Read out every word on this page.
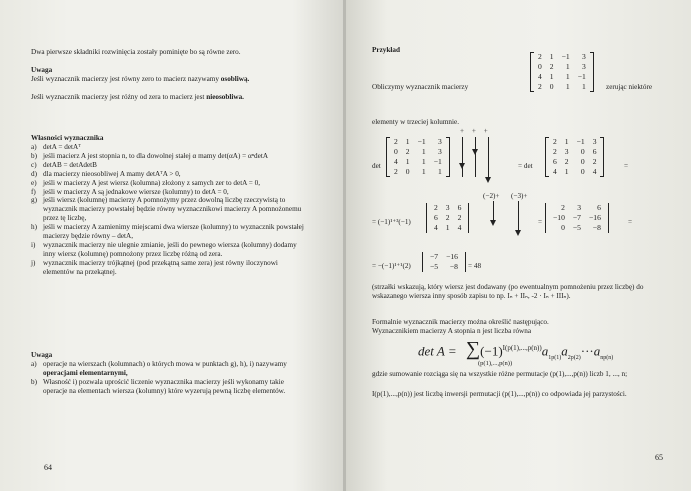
Dwa pierwsze składniki rozwinięcia zostały pominięte bo są równe zero.
Uwaga
Jeśli wyznacznik macierzy jest równy zero to macierz nazywamy osobliwą.
Jeśli wyznacznik macierzy jest różny od zera to macierz jest nieosobliwa.
Własności wyznacznika
a) detA = detAᵀ
b) jeśli macierz A jest stopnia n, to dla dowolnej stałej α mamy det(αA) = αⁿdetA
c) detAB = detAdetB
d) dla macierzy nieosobliwej A mamy detAᵀA > 0,
e) jeśli w macierzy A jest wiersz (kolumna) złożony z samych zer to detA = 0,
f) jeśli w macierzy A są jednakowe wiersze (kolumny) to detA = 0,
g) jeśli wiersz (kolumnę) macierzy A pomnożymy przez dowolną liczbę rzeczywistą to wyznacznik macierzy powstałej będzie równy wyznacznikowi macierzy A pomnożonemu przez tę liczbę,
h) jeśli w macierzy A zamienimy miejscami dwa wiersze (kolumny) to wyznacznik powstałej macierzy będzie równy – detA,
i) wyznacznik macierzy nie ulegnie zmianie, jeśli do pewnego wiersza (kolumny) dodamy inny wiersz (kolumnę) pomnożony przez liczbę różną od zera.
j) wyznacznik macierzy trójkątnej (pod przekątną same zera) jest równy iloczynowi elementów na przekątnej.
Uwaga
a) operacje na wierszach (kolumnach) o których mowa w punktach g), h), i) nazywamy operacjami elementarnymi,
b) Własność i) pozwala uprościć liczenie wyznacznika macierzy jeśli wykonamy takie operacje na elementach wiersza (kolumny) które wyzerują pewną liczbę elementów.
64
Przykład
Obliczymy wyznacznik macierzy
2	1	−1	3
0	2	1	3
4	1	1	−1
2	0	1	1	zerując niektóre
elementy w trzeciej kolumnie.
+ + +
det
2	1	−1	3
0	2	1	3
4	1	1	−1
2	0	1	1
= det
2	1	−1	3
2	3	0	6
6	2	0	2
4	1	0	4
=
= (−1)¹⁺³(−1)
2	3	6
6	2	2
4	1	4
(−2)+ (−3)+
=
2	3	6
−10	−7	−16
0	−5	−8
=
= −(−1)¹⁺¹(2)
−7	−16
−5	−8 = 48
(strzałki wskazują, który wiersz jest dodawany (po ewentualnym pomnożeniu przez liczbę) do wskazanego wiersza inny sposób zapisu to np. Iₙ + IIₙ, -2 · Iₙ + IIIₙ).
Formalnie wyznacznik macierzy można określić następująco.
Wyznacznikiem macierzy A stopnia n jest liczba równa
$\det A = \sum(-1)^{I(p(1),...,p(n))}a_{1p(1)}a_{2p(2)}\cdot\cdot\cdot a_{np(n)}$
(p(1),...,p(n))
gdzie sumowanie rozciąga się na wszystkie różne permutacje (p(1),...,p(n)) liczb 1, ..., n;
I(p(1),...,p(n)) jest liczbą inwersji permutacji (p(1),...,p(n)) co odpowiada jej parzystości.
65
